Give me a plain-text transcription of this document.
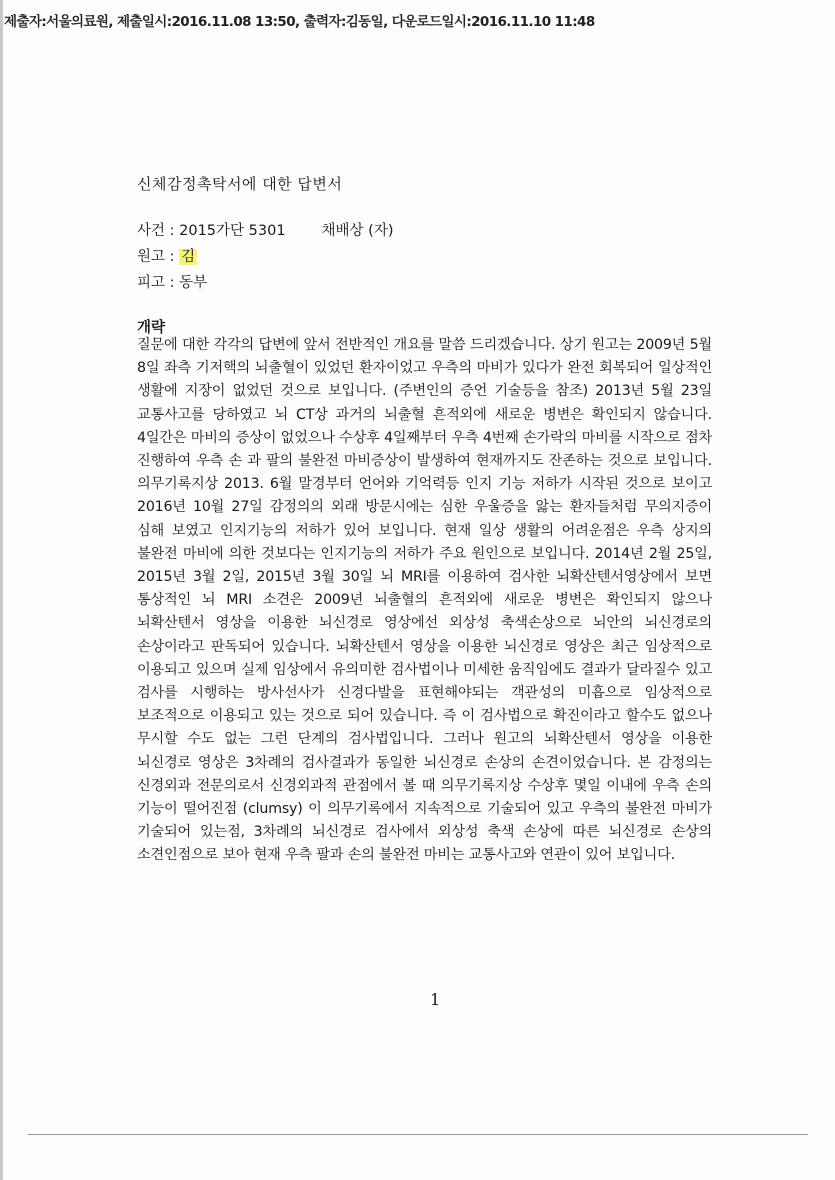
제출자:서울의료원, 제출일시:2016.11.08 13:50, 출력자:김동일, 다운로드일시:2016.11.10 11:48
신체감정촉탁서에 대한 답변서
사건 : 2015가단 5301 채배상 (자)
원고 : 김
피고 : 동부
개략
질문에 대한 각각의 답변에 앞서 전반적인 개요를 말씀 드리겠습니다. 상기 원고는 2009년 5월 8일 좌측 기저핵의 뇌출혈이 있었던 환자이었고 우측의 마비가 있다가 완전 회복되어 일상적인 생활에 지장이 없었던 것으로 보입니다. (주변인의 증언 기술등을 참조) 2013년 5월 23일 교통사고를 당하였고 뇌 CT상 과거의 뇌출혈 흔적외에 새로운 병변은 확인되지 않습니다. 4일간은 마비의 증상이 없었으나 수상후 4일째부터 우측 4번째 손가락의 마비를 시작으로 점차 진행하여 우측 손 과 팔의 불완전 마비증상이 발생하여 현재까지도 잔존하는 것으로 보입니다. 의무기록지상 2013. 6월 말경부터 언어와 기억력등 인지 기능 저하가 시작된 것으로 보이고 2016년 10월 27일 감정의의 외래 방문시에는 심한 우울증을 앓는 환자들처럼 무의지증이 심해 보였고 인지기능의 저하가 있어 보입니다. 현재 일상 생활의 어려운점은 우측 상지의 불완전 마비에 의한 것보다는 인지기능의 저하가 주요 원인으로 보입니다. 2014년 2월 25일, 2015년 3월 2일, 2015년 3월 30일 뇌 MRI를 이용하여 검사한 뇌확산텐서영상에서 보면 통상적인 뇌 MRI 소견은 2009년 뇌출혈의 흔적외에 새로운 병변은 확인되지 않으나 뇌확산텐서 영상을 이용한 뇌신경로 영상에선 외상성 축색손상으로 뇌안의 뇌신경로의 손상이라고 판독되어 있습니다. 뇌확산텐서 영상을 이용한 뇌신경로 영상은 최근 임상적으로 이용되고 있으며 실제 임상에서 유의미한 검사법이나 미세한 움직임에도 결과가 달라질수 있고 검사를 시행하는 방사선사가 신경다발을 표현해야되는 객관성의 미흡으로 임상적으로 보조적으로 이용되고 있는 것으로 되어 있습니다. 즉 이 검사법으로 확진이라고 할수도 없으나 무시할 수도 없는 그런 단계의 검사법입니다. 그러나 원고의 뇌확산텐서 영상을 이용한 뇌신경로 영상은 3차례의 검사결과가 동일한 뇌신경로 손상의 손견이었습니다. 본 감정의는 신경외과 전문의로서 신경외과적 관점에서 볼 때 의무기록지상 수상후 몇일 이내에 우측 손의 기능이 떨어진점 (clumsy) 이 의무기록에서 지속적으로 기술되어 있고 우측의 불완전 마비가 기술되어 있는점, 3차례의 뇌신경로 검사에서 외상성 축색 손상에 따른 뇌신경로 손상의 소견인점으로 보아 현재 우측 팔과 손의 불완전 마비는 교통사고와 연관이 있어 보입니다.
1
